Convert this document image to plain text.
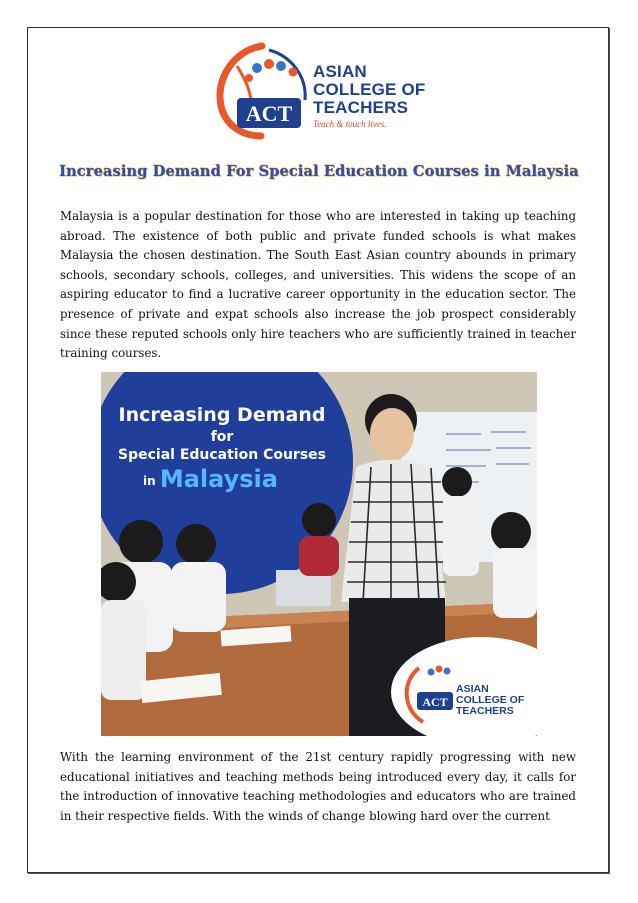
ACT
ASIAN
COLLEGE OF
TEACHERS
Teach & touch lives.
Increasing Demand For Special Education Courses in Malaysia
Malaysia is a popular destination for those who are interested in taking up teaching abroad. The existence of both public and private funded schools is what makes Malaysia the chosen destination. The South East Asian country abounds in primary schools, secondary schools, colleges, and universities. This widens the scope of an aspiring educator to find a lucrative career opportunity in the education sector. The presence of private and expat schools also increase the job prospect considerably since these reputed schools only hire teachers who are sufficiently trained in teacher training courses.
ACT
Increasing Demand
for
Special Education Courses
in Malaysia
ASIAN
COLLEGE OF
TEACHERS
With the learning environment of the 21st century rapidly progressing with new educational initiatives and teaching methods being introduced every day, it calls for the introduction of innovative teaching methodologies and educators who are trained in their respective fields. With the winds of change blowing hard over the current
